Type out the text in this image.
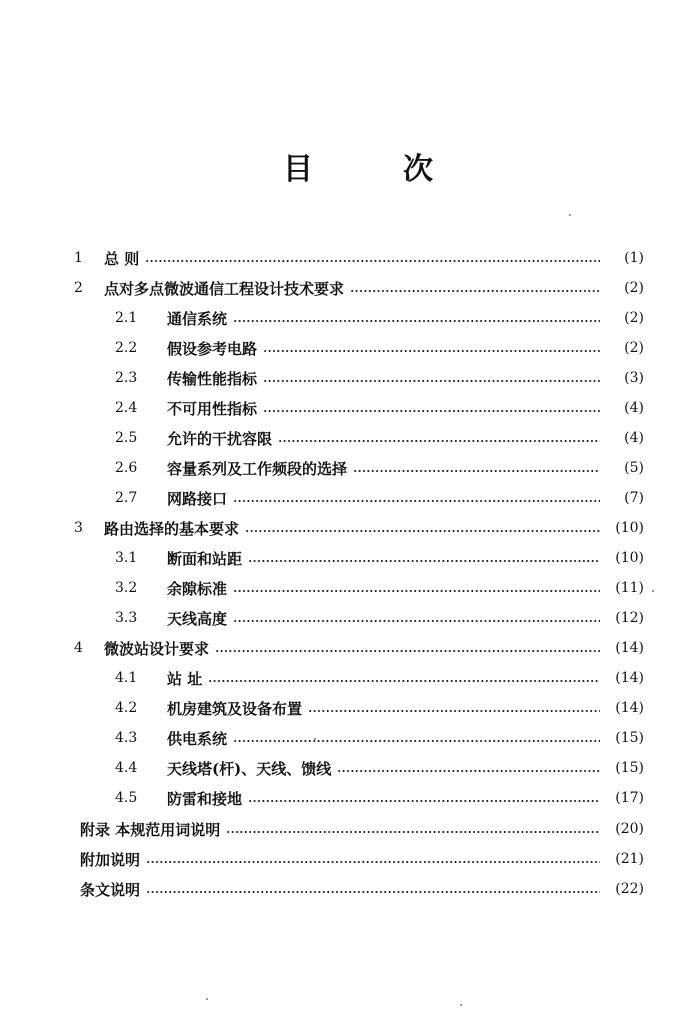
目	次
1	总 则	(1)
2	点对多点微波通信工程设计技术要求	(2)
2.1	通信系统	(2)
2.2	假设参考电路	(2)
2.3	传输性能指标	(3)
2.4	不可用性指标	(4)
2.5	允许的干扰容限	(4)
2.6	容量系列及工作频段的选择	(5)
2.7	网路接口	(7)
3	路由选择的基本要求	(10)
3.1	断面和站距	(10)
3.2	余隙标准	(11)
3.3	天线高度	(12)
4	微波站设计要求	(14)
4.1	站 址	(14)
4.2	机房建筑及设备布置	(14)
4.3	供电系统	(15)
4.4	天线塔(杆)、天线、馈线	(15)
4.5	防雷和接地	(17)
附录 本规范用词说明	(20)
附加说明	(21)
条文说明	(22)
